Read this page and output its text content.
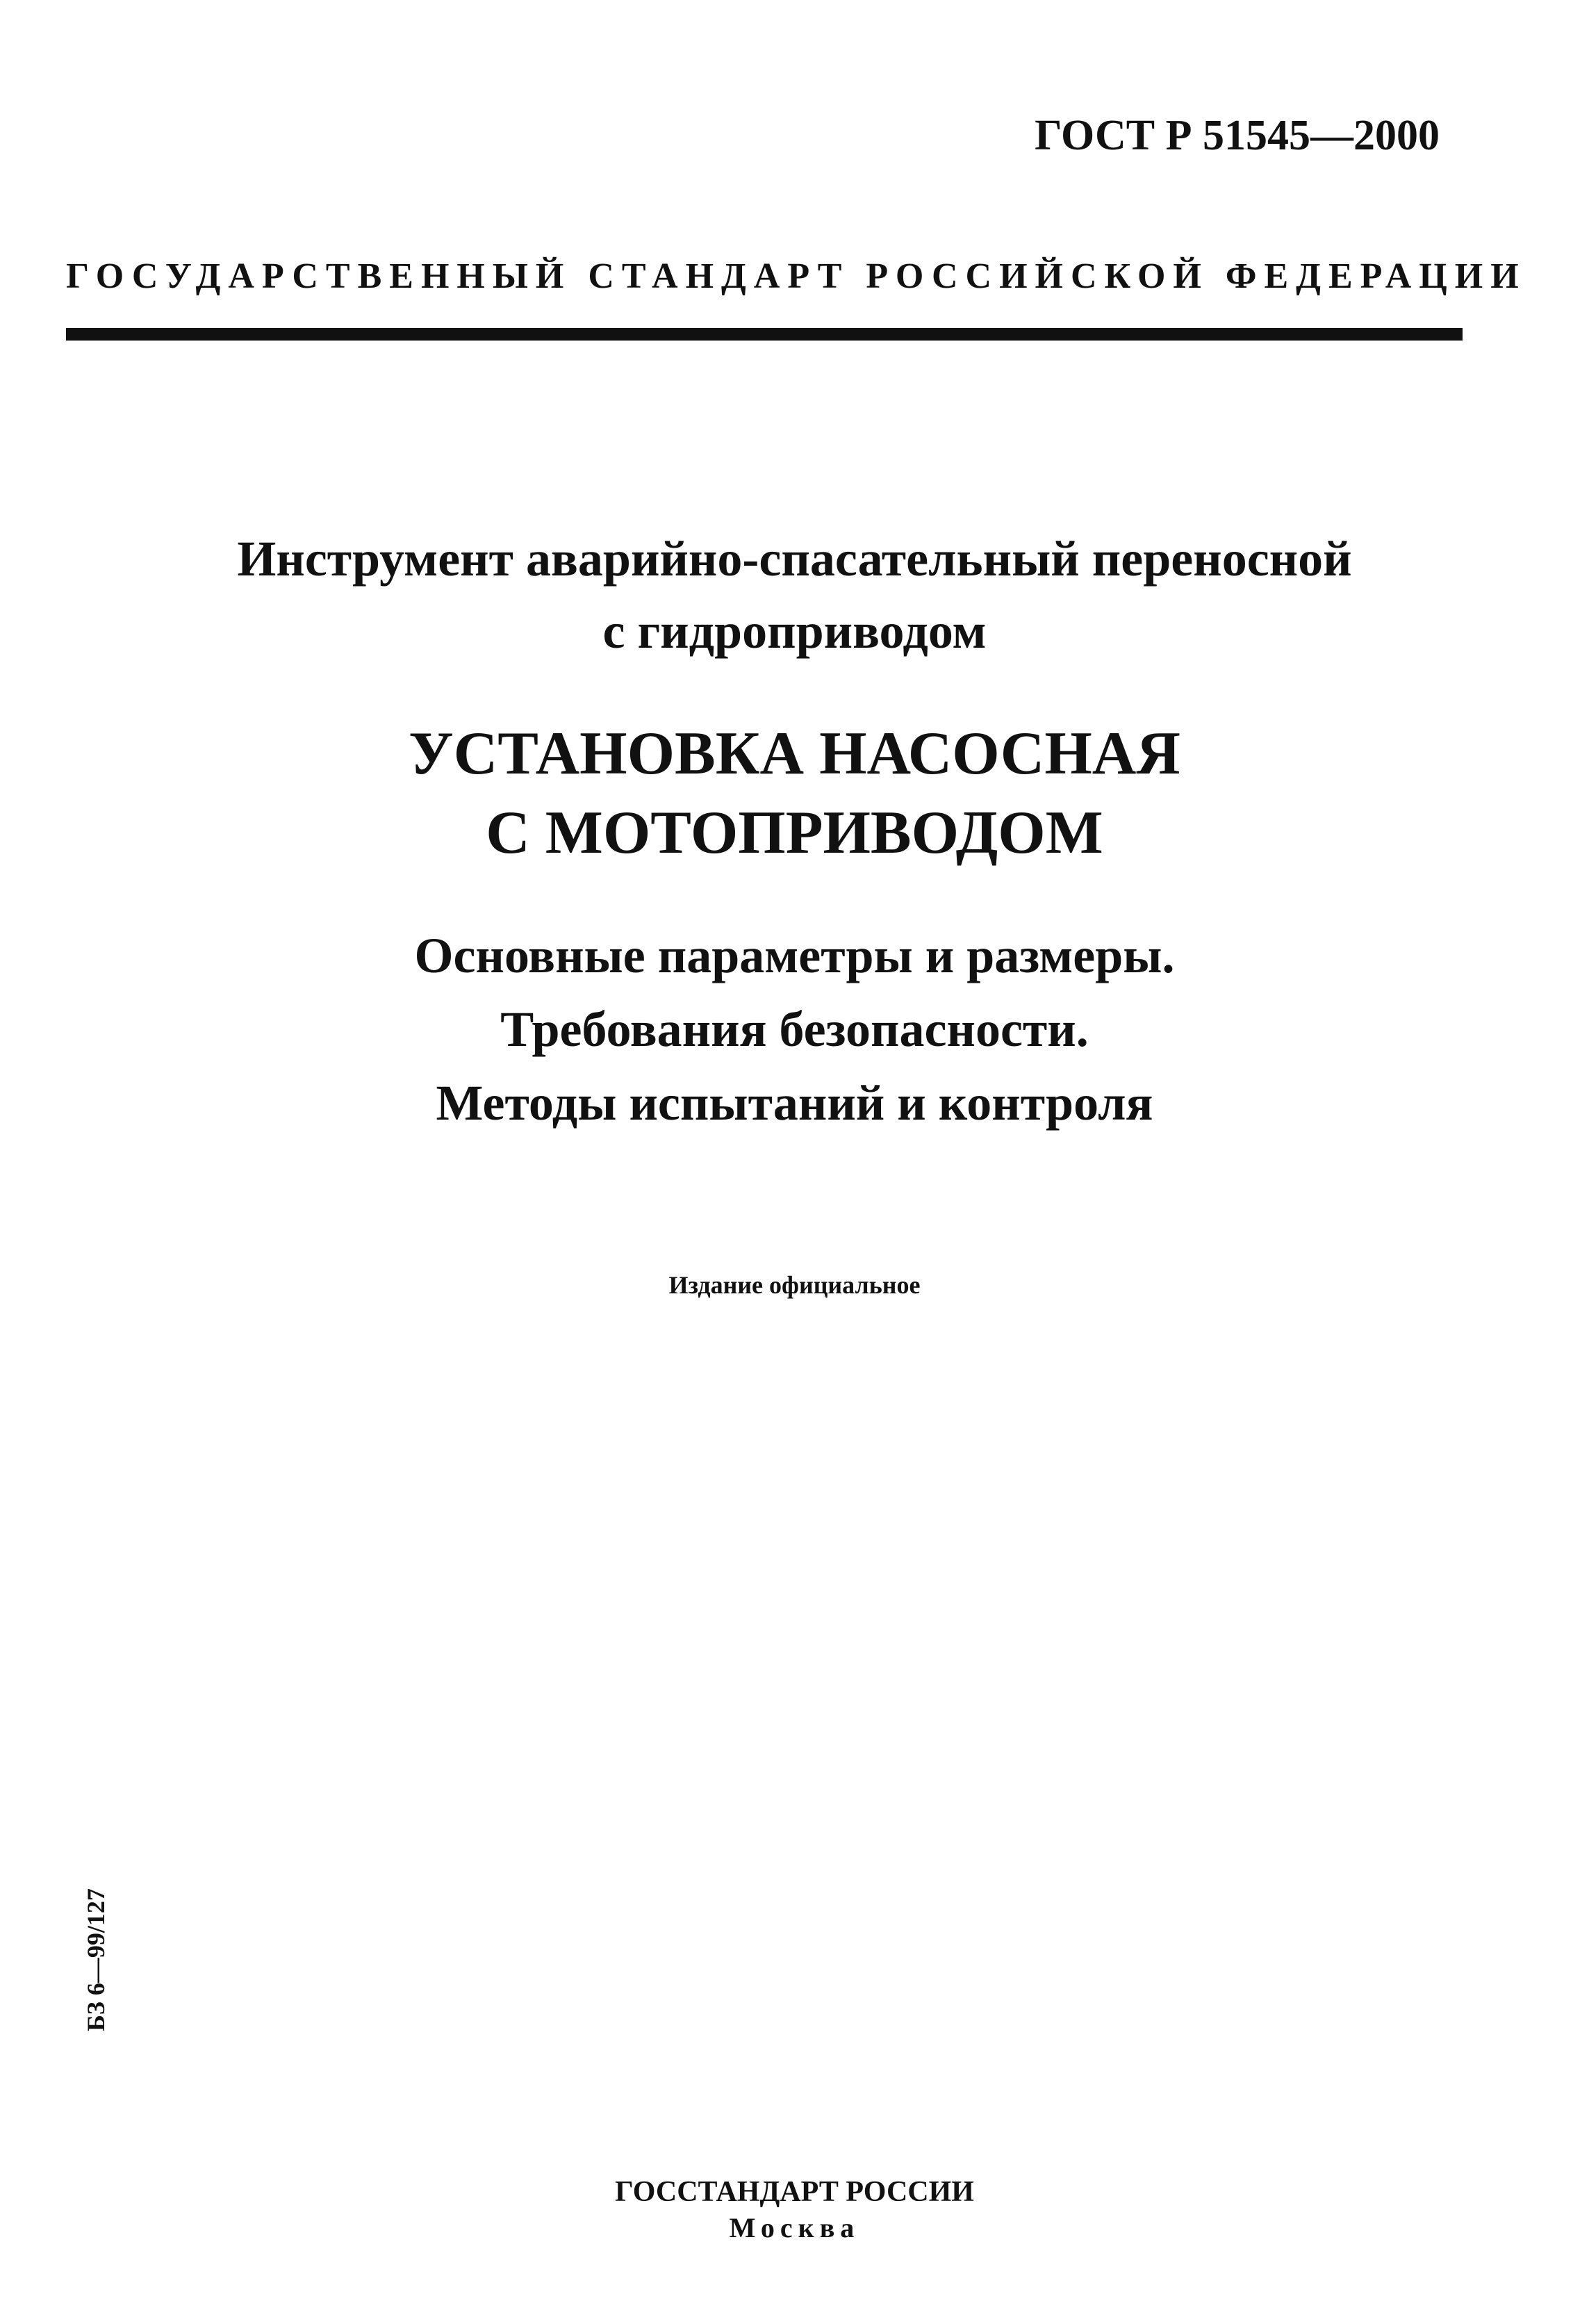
ГОСТ Р 51545—2000
ГОСУДАРСТВЕННЫЙ СТАНДАРТ РОССИЙСКОЙ ФЕДЕРАЦИИ
Инструмент аварийно-спасательный переносной
с гидроприводом
УСТАНОВКА НАСОСНАЯ
С МОТОПРИВОДОМ
Основные параметры и размеры.
Требования безопасности.
Методы испытаний и контроля
Издание официальное
БЗ 6—99/127
ГОССТАНДАРТ РОССИИ
Москва
